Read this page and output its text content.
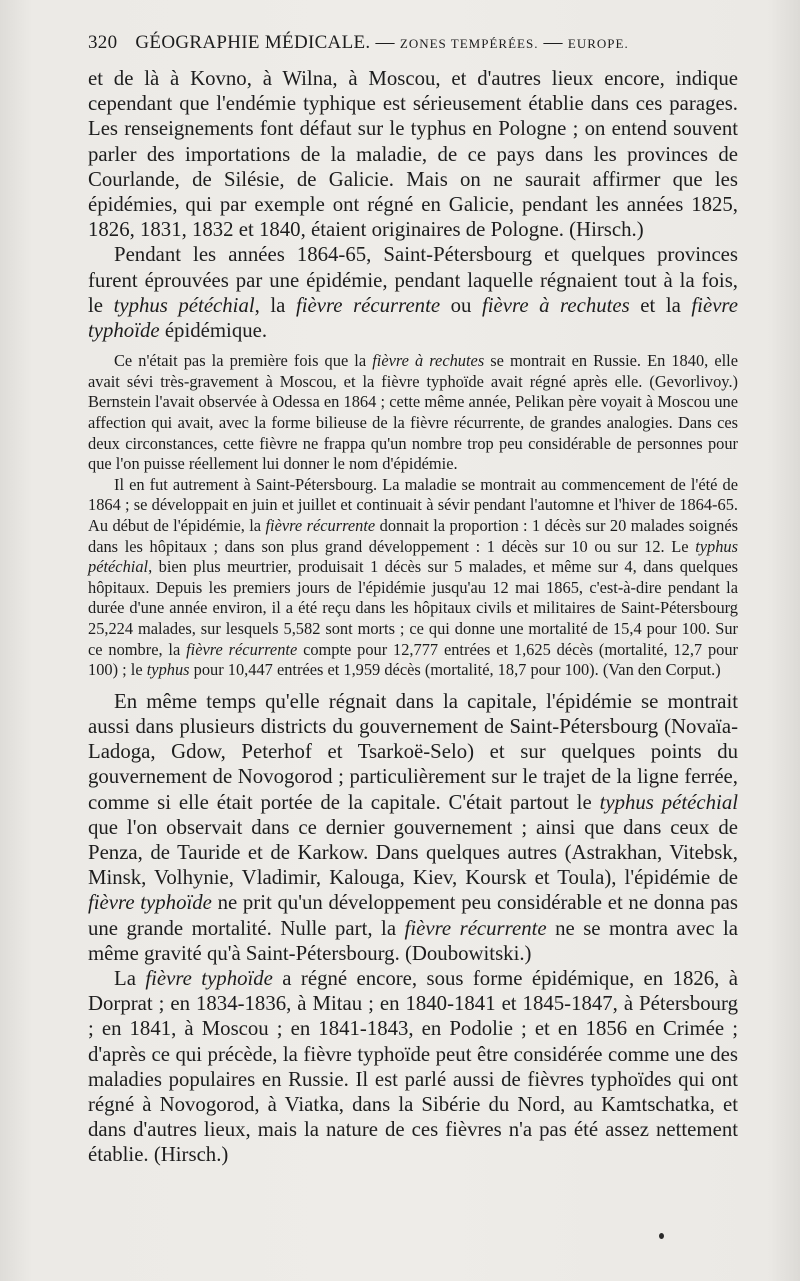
320 GÉOGRAPHIE MÉDICALE. — ZONES TEMPÉRÉES. — EUROPE.

et de là à Kovno, à Wilna, à Moscou, et d'autres lieux encore, indique cependant que l'endémie typhique est sérieusement établie dans ces parages. Les renseignements font défaut sur le typhus en Pologne ; on entend souvent parler des importations de la maladie, de ce pays dans les provinces de Courlande, de Silésie, de Galicie. Mais on ne saurait affirmer que les épidémies, qui par exemple ont régné en Galicie, pendant les années 1825, 1826, 1831, 1832 et 1840, étaient originaires de Pologne. (Hirsch.)

Pendant les années 1864-65, Saint-Pétersbourg et quelques provinces furent éprouvées par une épidémie, pendant laquelle régnaient tout à la fois, le typhus pétéchial, la fièvre récurrente ou fièvre à rechutes et la fièvre typhoïde épidémique.

Ce n'était pas la première fois que la fièvre à rechutes se montrait en Russie. En 1840, elle avait sévi très-gravement à Moscou, et la fièvre typhoïde avait régné après elle. (Gevorlivoy.) Bernstein l'avait observée à Odessa en 1864 ; cette même année, Pelikan père voyait à Moscou une affection qui avait, avec la forme bilieuse de la fièvre récurrente, de grandes analogies. Dans ces deux circonstances, cette fièvre ne frappa qu'un nombre trop peu considérable de personnes pour que l'on puisse réellement lui donner le nom d'épidémie.

Il en fut autrement à Saint-Pétersbourg. La maladie se montrait au commencement de l'été de 1864 ; se développait en juin et juillet et continuait à sévir pendant l'automne et l'hiver de 1864-65. Au début de l'épidémie, la fièvre récurrente donnait la proportion : 1 décès sur 20 malades soignés dans les hôpitaux ; dans son plus grand développement : 1 décès sur 10 ou sur 12. Le typhus pétéchial, bien plus meurtrier, produisait 1 décès sur 5 malades, et même sur 4, dans quelques hôpitaux. Depuis les premiers jours de l'épidémie jusqu'au 12 mai 1865, c'est-à-dire pendant la durée d'une année environ, il a été reçu dans les hôpitaux civils et militaires de Saint-Pétersbourg 25,224 malades, sur lesquels 5,582 sont morts ; ce qui donne une mortalité de 15,4 pour 100. Sur ce nombre, la fièvre récurrente compte pour 12,777 entrées et 1,625 décès (mortalité, 12,7 pour 100) ; le typhus pour 10,447 entrées et 1,959 décès (mortalité, 18,7 pour 100). (Van den Corput.)

En même temps qu'elle régnait dans la capitale, l'épidémie se montrait aussi dans plusieurs districts du gouvernement de Saint-Pétersbourg (Novaïa-Ladoga, Gdow, Peterhof et Tsarkoë-Selo) et sur quelques points du gouvernement de Novogorod ; particulièrement sur le trajet de la ligne ferrée, comme si elle était portée de la capitale. C'était partout le typhus pétéchial que l'on observait dans ce dernier gouvernement ; ainsi que dans ceux de Penza, de Tauride et de Karkow. Dans quelques autres (Astrakhan, Vitebsk, Minsk, Volhynie, Vladimir, Kalouga, Kiev, Koursk et Toula), l'épidémie de fièvre typhoïde ne prit qu'un développement peu considérable et ne donna pas une grande mortalité. Nulle part, la fièvre récurrente ne se montra avec la même gravité qu'à Saint-Pétersbourg. (Doubowitski.)

La fièvre typhoïde a régné encore, sous forme épidémique, en 1826, à Dorprat ; en 1834-1836, à Mitau ; en 1840-1841 et 1845-1847, à Pétersbourg ; en 1841, à Moscou ; en 1841-1843, en Podolie ; et en 1856 en Crimée ; d'après ce qui précède, la fièvre typhoïde peut être considérée comme une des maladies populaires en Russie. Il est parlé aussi de fièvres typhoïdes qui ont régné à Novogorod, à Viatka, dans la Sibérie du Nord, au Kamtschatka, et dans d'autres lieux, mais la nature de ces fièvres n'a pas été assez nettement établie. (Hirsch.)
